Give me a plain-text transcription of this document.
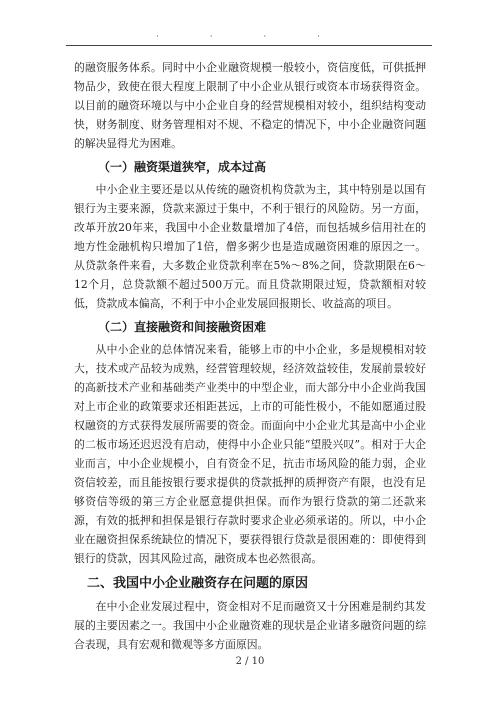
· · · ·

的融资服务体系。同时中小企业融资规模一般较小，资信度低，可供抵押物品少，致使在很大程度上限制了中小企业从银行或资本市场获得资金。以目前的融资环境以与中小企业自身的经营规模相对较小，组织结构变动快，财务制度、财务管理相对不规、不稳定的情况下，中小企业融资问题的解决显得尤为困难。

（一）融资渠道狭窄，成本过高

中小企业主要还是以从传统的融资机构贷款为主，其中特别是以国有银行为主要来源，贷款来源过于集中，不利于银行的风险防。另一方面，改革开放20年来，我国中小企业数量增加了4倍，而包括城乡信用社在的地方性金融机构只增加了1倍，僧多粥少也是造成融资困难的原因之一。从贷款条件来看，大多数企业贷款利率在5%～8%之间，贷款期限在6～12个月，总贷款额不超过500万元。而且贷款期限过短，贷款额相对较低，贷款成本偏高，不利于中小企业发展回报期长、收益高的项目。

（二）直接融资和间接融资困难

从中小企业的总体情况来看，能够上市的中小企业，多是规模相对较大，技术或产品较为成熟，经营管理较规，经济效益较佳，发展前景较好的高新技术产业和基础类产业类中的中型企业，而大部分中小企业尚我国对上市企业的政策要求还相距甚远，上市的可能性极小，不能如愿通过股权融资的方式获得发展所需要的资金。而面向中小企业尤其是高中小企业的二板市场还迟迟没有启动，使得中小企业只能“望股兴叹”。相对于大企业而言，中小企业规模小，自有资金不足，抗击市场风险的能力弱，企业资信较差，而且能按银行要求提供的贷款抵押的质押资产有限，也没有足够资信等级的第三方企业愿意提供担保。而作为银行贷款的第二还款来源，有效的抵押和担保是银行存款时要求企业必须承诺的。所以，中小企业在融资担保系统缺位的情况下，要获得银行贷款是很困难的：即使得到银行的贷款，因其风险过高，融资成本也必然很高。

二、我国中小企业融资存在问题的原因

在中小企业发展过程中，资金相对不足而融资又十分困难是制约其发展的主要因素之一。我国中小企业融资难的现状是企业诸多融资问题的综合表现，具有宏观和微观等多方面原因。

2 / 10
